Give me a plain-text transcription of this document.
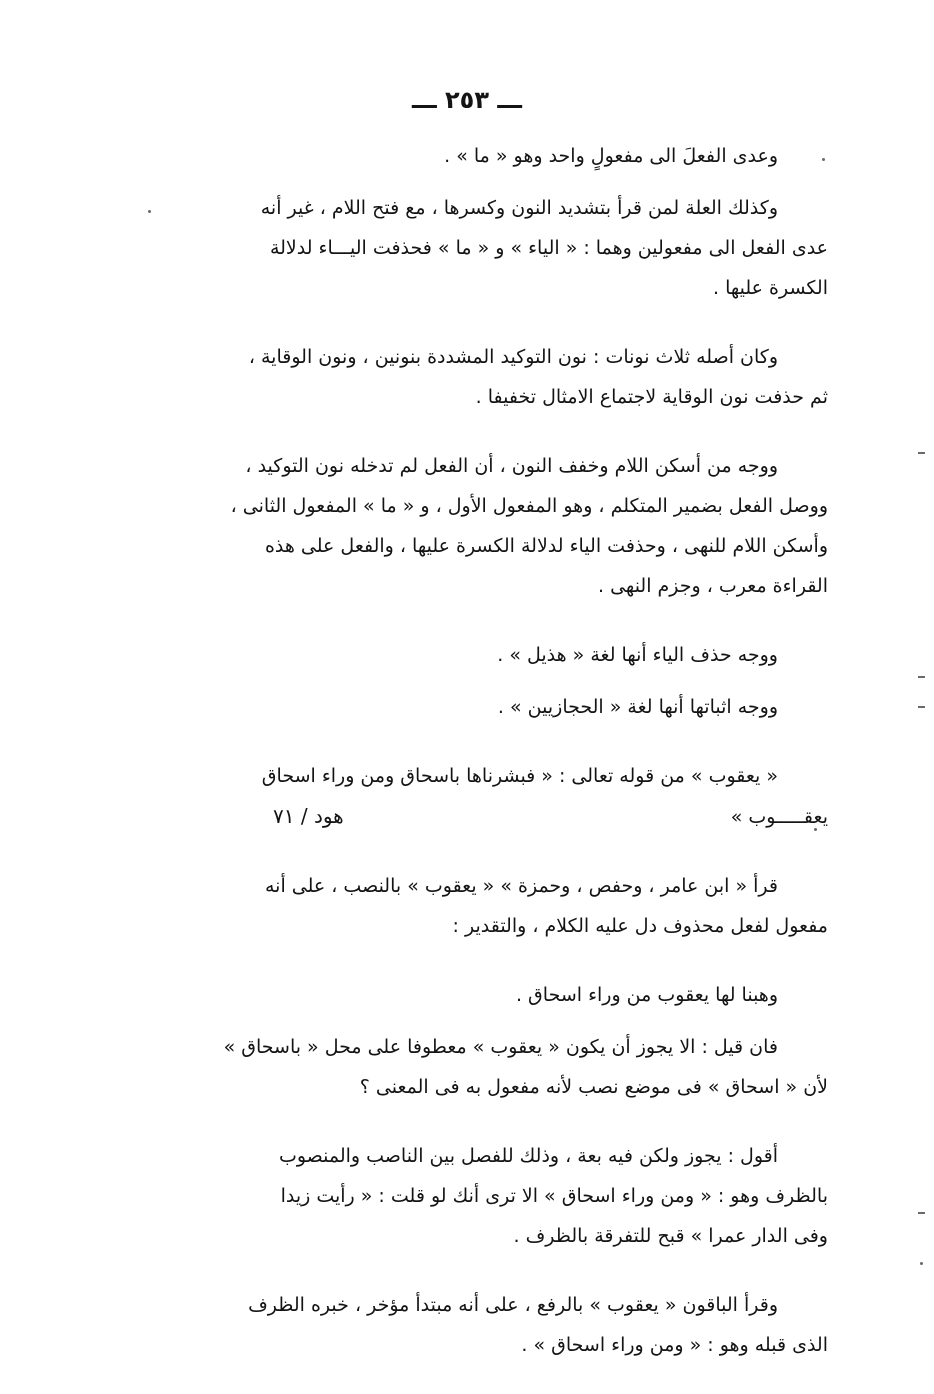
ـــ ٢٥٣ ـــ

وعدى الفعلَ الى مفعولٍ واحد وهو « ما » .

وكذلك العلة لمن قرأ بتشديد النون وكسرها ، مع فتح اللام ، غير أنه

عدى الفعل الى مفعولين وهما : « الياء » و « ما » فحذفت اليـــاء لدلالة

الكسرة عليها .

وكان أصله ثلاث نونات : نون التوكيد المشددة بنونين ، ونون الوقاية ،

ثم حذفت نون الوقاية لاجتماع الامثال تخفيفا .

ووجه من أسكن اللام وخفف النون ، أن الفعل لم تدخله نون التوكيد ،

ووصل الفعل بضمير المتكلم ، وهو المفعول الأول ، و « ما » المفعول الثانى ،

وأسكن اللام للنهى ، وحذفت الياء لدلالة الكسرة عليها ، والفعل على هذه

القراءة معرب ، وجزم النهى .

ووجه حذف الياء أنها لغة « هذيل » .

ووجه اثباتها أنها لغة « الحجازيين » .

« يعقوب » من قوله تعالى : « فبشرناها باسحاق ومن وراء اسحاق

يعقـــــوب »
هود / ٧١

قرأ « ابن عامر ، وحفص ، وحمزة » « يعقوب » بالنصب ، على أنه

مفعول لفعل محذوف دل عليه الكلام ، والتقدير :

وهبنا لها يعقوب من وراء اسحاق .

فان قيل : الا يجوز أن يكون « يعقوب » معطوفا على محل « باسحاق »

لأن « اسحاق » فى موضع نصب لأنه مفعول به فى المعنى ؟

أقول : يجوز ولكن فيه بعة ، وذلك للفصل بين الناصب والمنصوب

بالظرف وهو : « ومن وراء اسحاق » الا ترى أنك لو قلت : « رأيت زيدا

وفى الدار عمرا » قبح للتفرقة بالظرف .

وقرأ الباقون « يعقوب » بالرفع ، على أنه مبتدأ مؤخر ، خبره الظرف

الذى قبله وهو : « ومن وراء اسحاق » .
